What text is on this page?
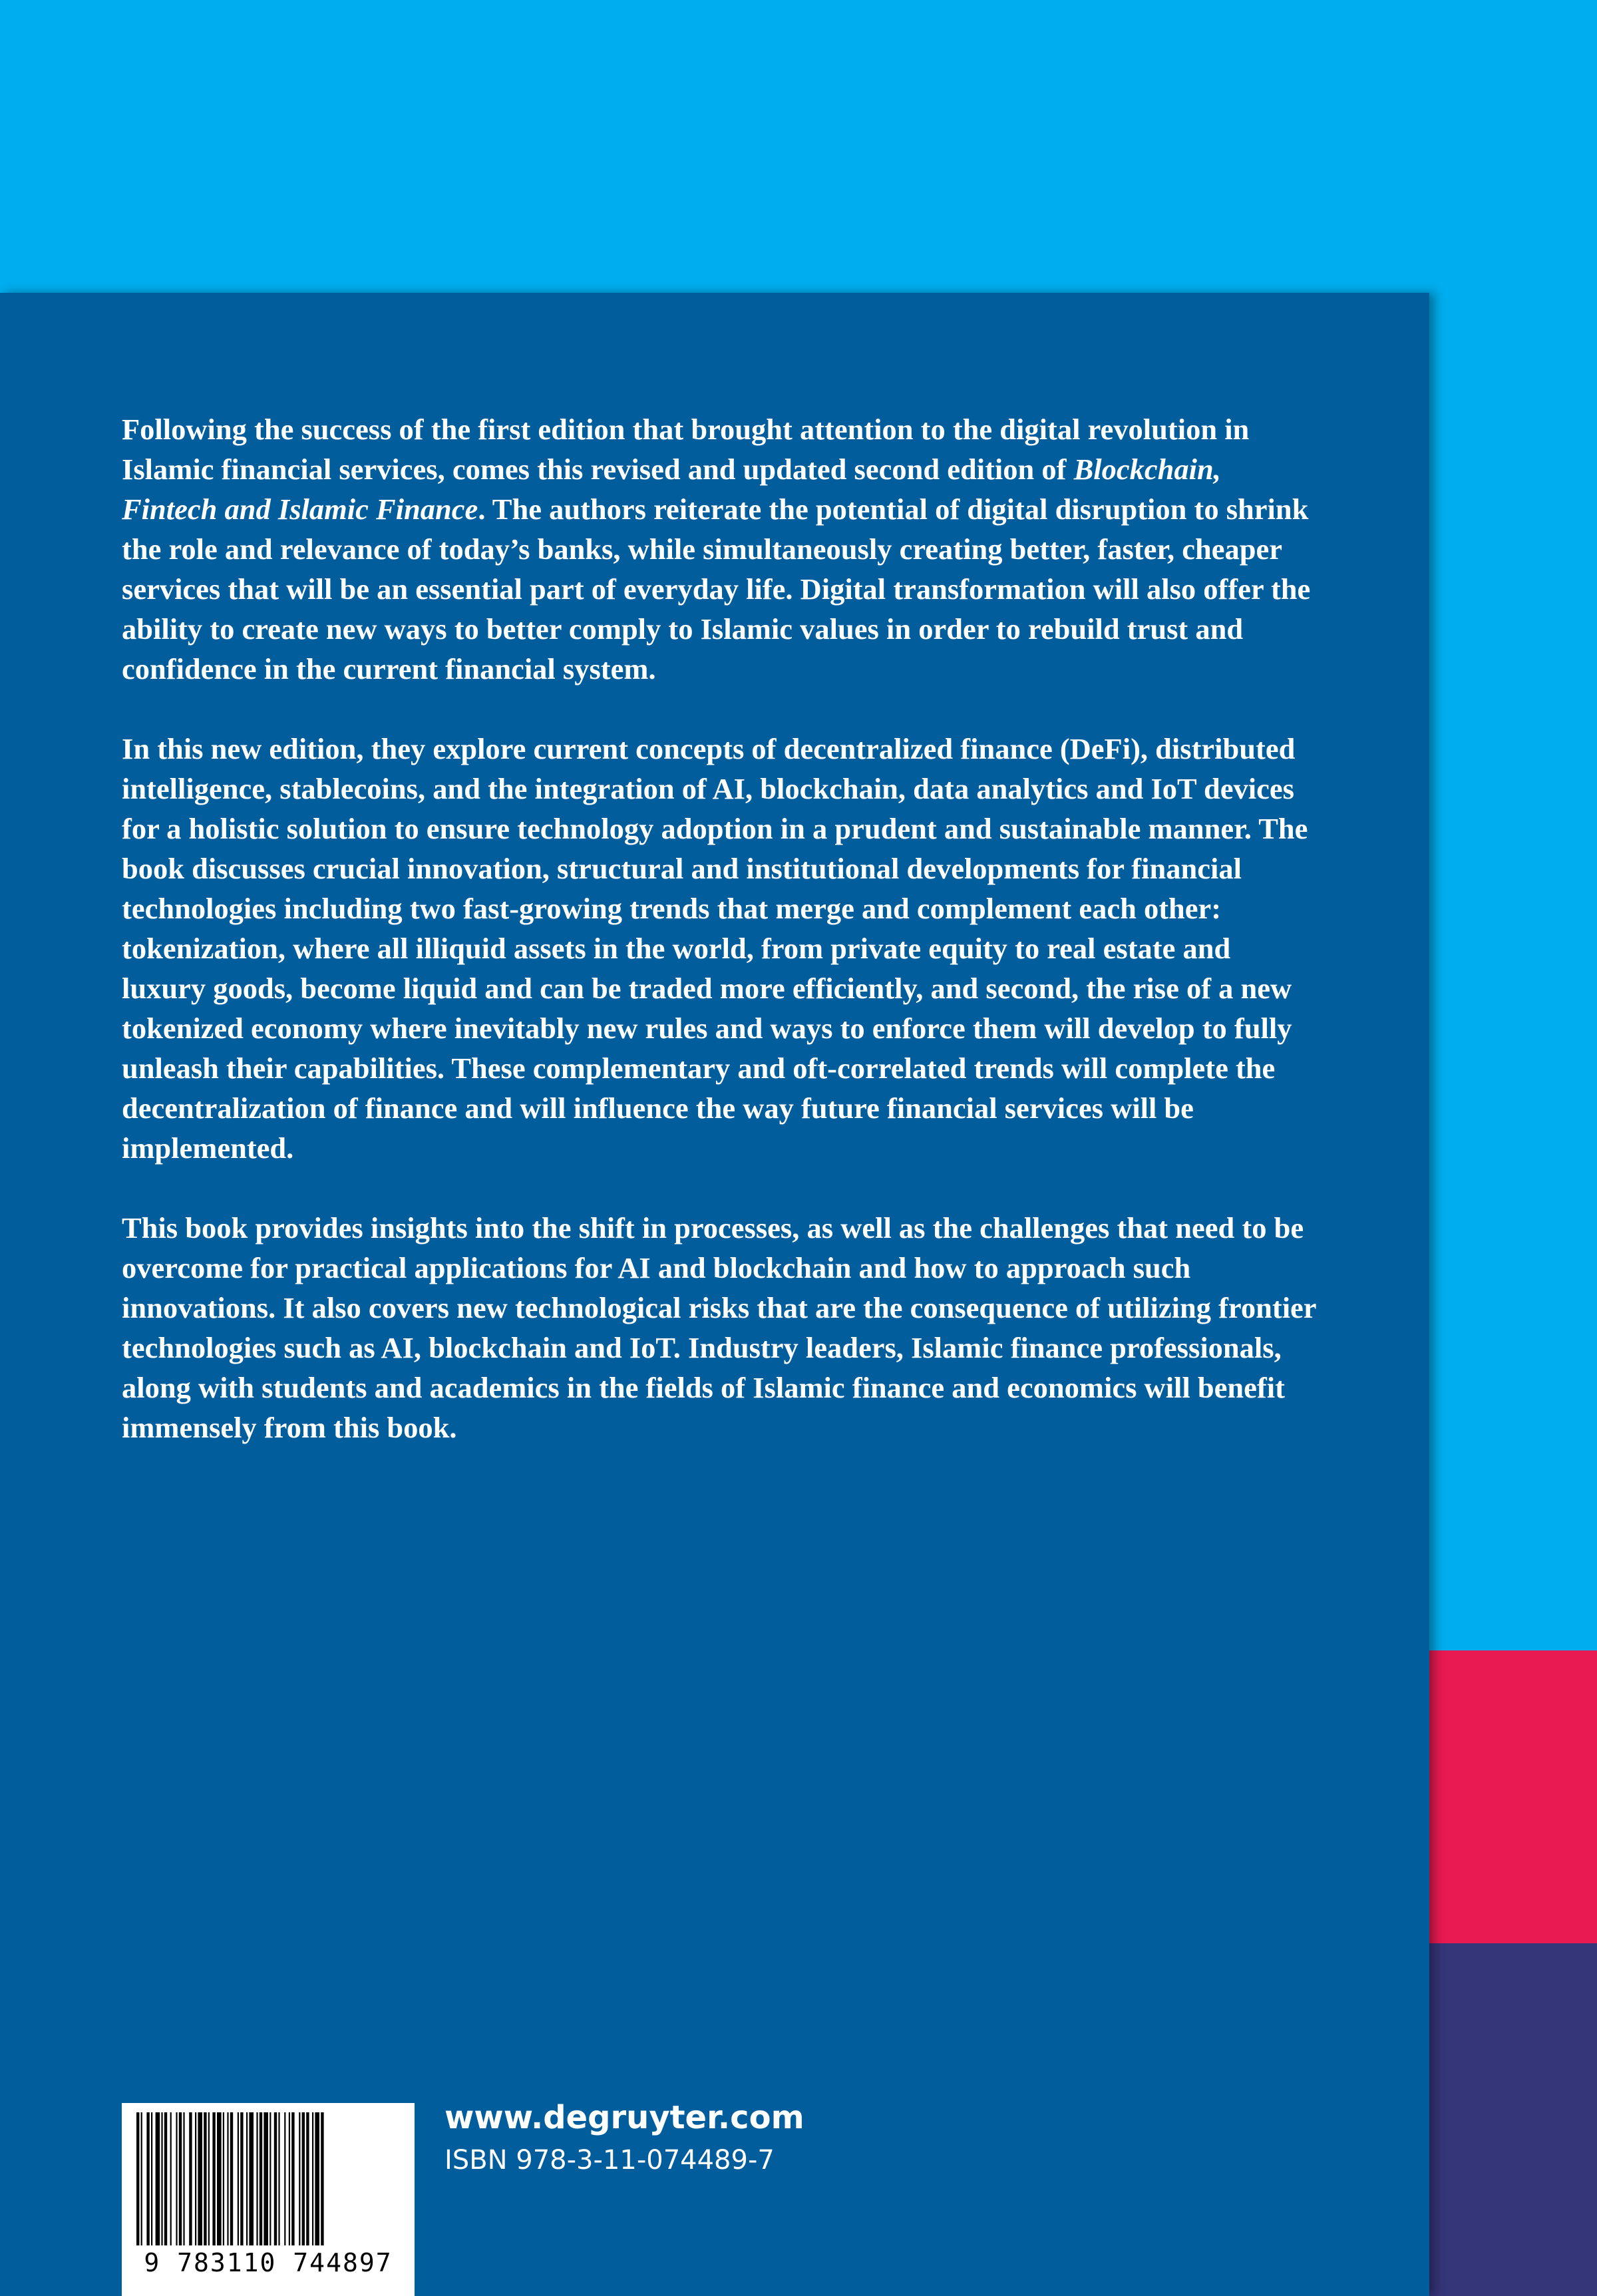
Following the success of the first edition that brought attention to the digital revolution in Islamic financial services, comes this revised and updated second edition of Blockchain, Fintech and Islamic Finance. The authors reiterate the potential of digital disruption to shrink the role and relevance of today’s banks, while simultaneously creating better, faster, cheaper services that will be an essential part of everyday life. Digital transformation will also offer the ability to create new ways to better comply to Islamic values in order to rebuild trust and confidence in the current financial system.

In this new edition, they explore current concepts of decentralized finance (DeFi), distributed intelligence, stablecoins, and the integration of AI, blockchain, data analytics and IoT devices for a holistic solution to ensure technology adoption in a prudent and sustainable manner. The book discusses crucial innovation, structural and institutional developments for financial technologies including two fast-growing trends that merge and complement each other: tokenization, where all illiquid assets in the world, from private equity to real estate and luxury goods, become liquid and can be traded more efficiently, and second, the rise of a new tokenized economy where inevitably new rules and ways to enforce them will develop to fully unleash their capabilities. These complementary and oft-correlated trends will complete the decentralization of finance and will influence the way future financial services will be implemented.

This book provides insights into the shift in processes, as well as the challenges that need to be overcome for practical applications for AI and blockchain and how to approach such innovations. It also covers new technological risks that are the consequence of utilizing frontier technologies such as AI, blockchain and IoT. Industry leaders, Islamic finance professionals, along with students and academics in the fields of Islamic finance and economics will benefit immensely from this book.

9 783110 744897
www.degruyter.com
ISBN 978-3-11-074489-7
